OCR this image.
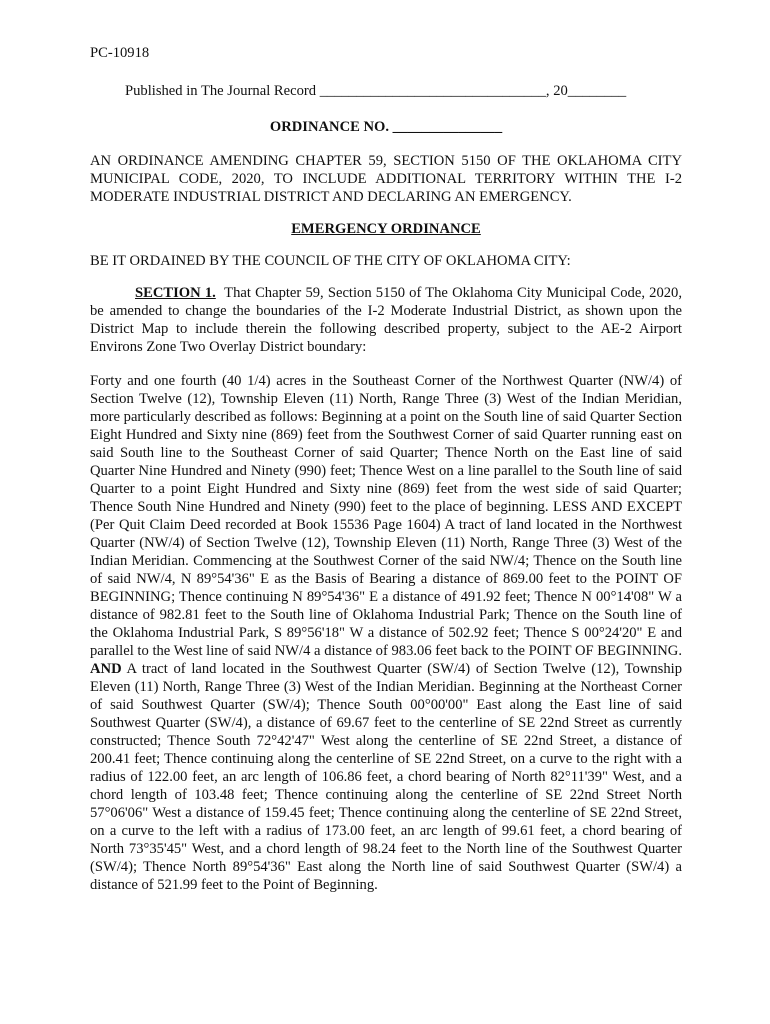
PC-10918

Published in The Journal Record _______________________________, 20________

ORDINANCE NO. _______________

AN ORDINANCE AMENDING CHAPTER 59, SECTION 5150 OF THE OKLAHOMA CITY MUNICIPAL CODE, 2020, TO INCLUDE ADDITIONAL TERRITORY WITHIN THE I-2 MODERATE INDUSTRIAL DISTRICT AND DECLARING AN EMERGENCY.

EMERGENCY ORDINANCE

BE IT ORDAINED BY THE COUNCIL OF THE CITY OF OKLAHOMA CITY:

SECTION 1. That Chapter 59, Section 5150 of The Oklahoma City Municipal Code, 2020, be amended to change the boundaries of the I-2 Moderate Industrial District, as shown upon the District Map to include therein the following described property, subject to the AE-2 Airport Environs Zone Two Overlay District boundary:

Forty and one fourth (40 1/4) acres in the Southeast Corner of the Northwest Quarter (NW/4) of Section Twelve (12), Township Eleven (11) North, Range Three (3) West of the Indian Meridian, more particularly described as follows: Beginning at a point on the South line of said Quarter Section Eight Hundred and Sixty nine (869) feet from the Southwest Corner of said Quarter running east on said South line to the Southeast Corner of said Quarter; Thence North on the East line of said Quarter Nine Hundred and Ninety (990) feet; Thence West on a line parallel to the South line of said Quarter to a point Eight Hundred and Sixty nine (869) feet from the west side of said Quarter; Thence South Nine Hundred and Ninety (990) feet to the place of beginning. LESS AND EXCEPT (Per Quit Claim Deed recorded at Book 15536 Page 1604) A tract of land located in the Northwest Quarter (NW/4) of Section Twelve (12), Township Eleven (11) North, Range Three (3) West of the Indian Meridian. Commencing at the Southwest Corner of the said NW/4; Thence on the South line of said NW/4, N 89°54'36" E as the Basis of Bearing a distance of 869.00 feet to the POINT OF BEGINNING; Thence continuing N 89°54'36" E a distance of 491.92 feet; Thence N 00°14'08" W a distance of 982.81 feet to the South line of Oklahoma Industrial Park; Thence on the South line of the Oklahoma Industrial Park, S 89°56'18" W a distance of 502.92 feet; Thence S 00°24'20" E and parallel to the West line of said NW/4 a distance of 983.06 feet back to the POINT OF BEGINNING. AND A tract of land located in the Southwest Quarter (SW/4) of Section Twelve (12), Township Eleven (11) North, Range Three (3) West of the Indian Meridian. Beginning at the Northeast Corner of said Southwest Quarter (SW/4); Thence South 00°00'00" East along the East line of said Southwest Quarter (SW/4), a distance of 69.67 feet to the centerline of SE 22nd Street as currently constructed; Thence South 72°42'47" West along the centerline of SE 22nd Street, a distance of 200.41 feet; Thence continuing along the centerline of SE 22nd Street, on a curve to the right with a radius of 122.00 feet, an arc length of 106.86 feet, a chord bearing of North 82°11'39" West, and a chord length of 103.48 feet; Thence continuing along the centerline of SE 22nd Street North 57°06'06" West a distance of 159.45 feet; Thence continuing along the centerline of SE 22nd Street, on a curve to the left with a radius of 173.00 feet, an arc length of 99.61 feet, a chord bearing of North 73°35'45" West, and a chord length of 98.24 feet to the North line of the Southwest Quarter (SW/4); Thence North 89°54'36" East along the North line of said Southwest Quarter (SW/4) a distance of 521.99 feet to the Point of Beginning.
